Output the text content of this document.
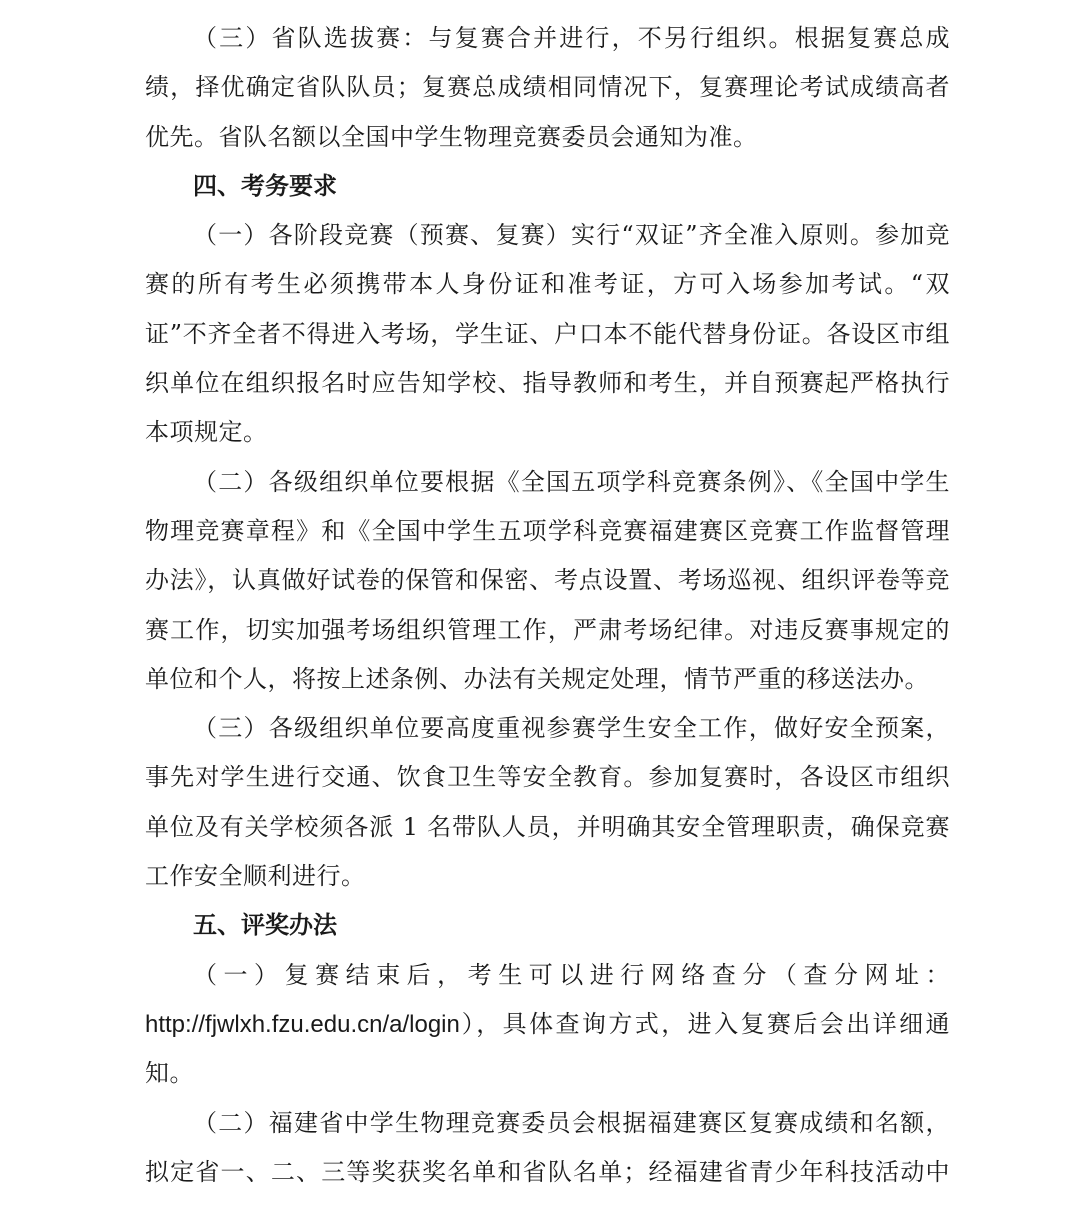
（三）省队选拔赛：与复赛合并进行，不另行组织。根据复赛总成绩，择优确定省队队员；复赛总成绩相同情况下，复赛理论考试成绩高者优先。省队名额以全国中学生物理竞赛委员会通知为准。

四、考务要求

（一）各阶段竞赛（预赛、复赛）实行“双证”齐全准入原则。参加竞赛的所有考生必须携带本人身份证和准考证，方可入场参加考试。“双证”不齐全者不得进入考场，学生证、户口本不能代替身份证。各设区市组织单位在组织报名时应告知学校、指导教师和考生，并自预赛起严格执行本项规定。

（二）各级组织单位要根据《全国五项学科竞赛条例》、《全国中学生物理竞赛章程》和《全国中学生五项学科竞赛福建赛区竞赛工作监督管理办法》，认真做好试卷的保管和保密、考点设置、考场巡视、组织评卷等竞赛工作，切实加强考场组织管理工作，严肃考场纪律。对违反赛事规定的单位和个人，将按上述条例、办法有关规定处理，情节严重的移送法办。

（三）各级组织单位要高度重视参赛学生安全工作，做好安全预案，事先对学生进行交通、饮食卫生等安全教育。参加复赛时，各设区市组织单位及有关学校须各派 1 名带队人员，并明确其安全管理职责，确保竞赛工作安全顺利进行。

五、评奖办法

（一）复赛结束后，考生可以进行网络查分（查分网址：http://fjwlxh.fzu.edu.cn/a/login），具体查询方式，进入复赛后会出详细通知。

（二）福建省中学生物理竞赛委员会根据福建赛区复赛成绩和名额，拟定省一、二、三等奖获奖名单和省队名单；经福建省青少年科技活动中
